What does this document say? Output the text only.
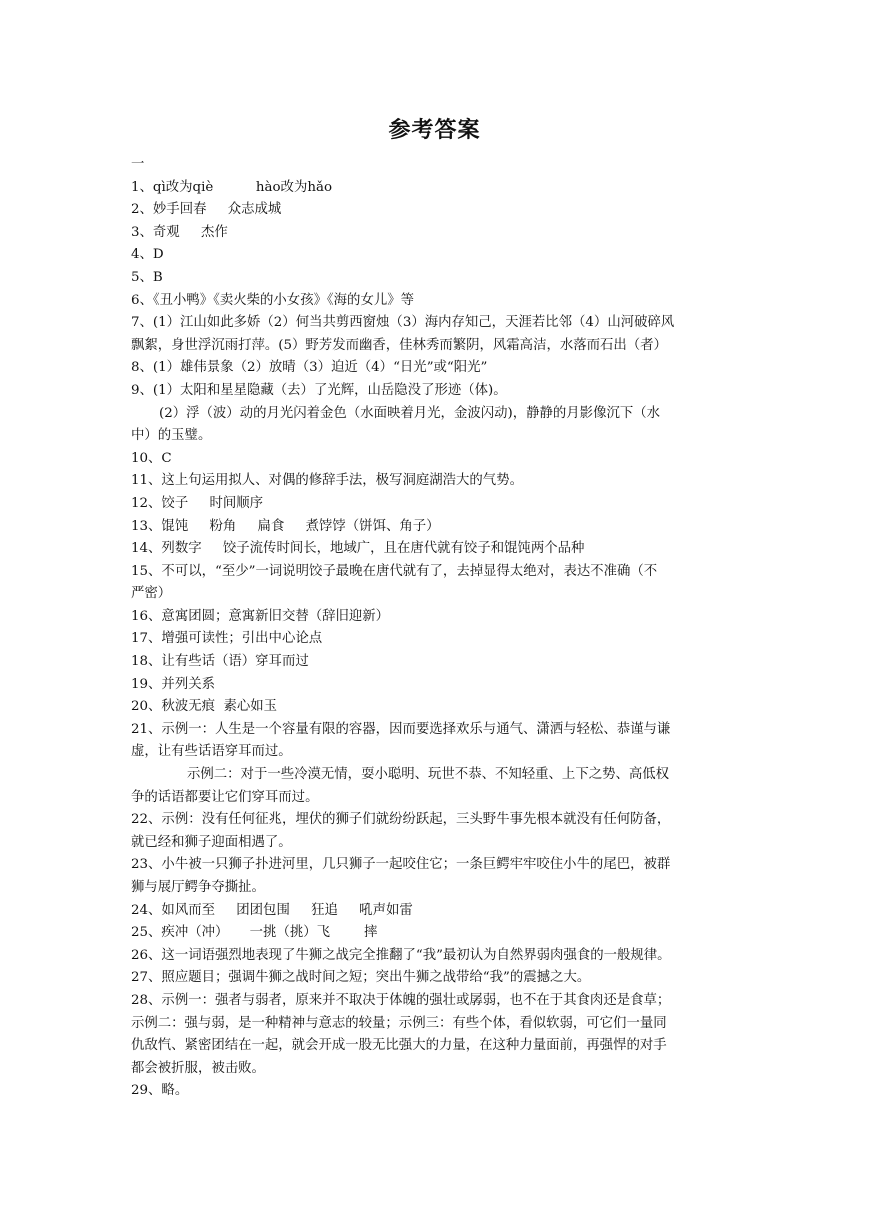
参考答案
一
1、qì改为qiè          hào改为hǎo
2、妙手回春     众志成城
3、奇观     杰作
4、D
5、B
6、《丑小鸭》《卖火柴的小女孩》《海的女儿》等
7、(1）江山如此多娇（2）何当共剪西窗烛（3）海内存知己，天涯若比邻（4）山河破碎风
飘絮，身世浮沉雨打萍。(5）野芳发而幽香，佳林秀而繁阴，风霜高洁，水落而石出（者）
8、(1）雄伟景象（2）放晴（3）迫近（4）“日光”或“阳光”
9、(1）太阳和星星隐藏（去）了光辉，山岳隐没了形迹（体)。
(2）浮（波）动的月光闪着金色（水面映着月光，金波闪动)，静静的月影像沉下（水
中）的玉璧。
10、C
11、这上句运用拟人、对偶的修辞手法，极写洞庭湖浩大的气势。
12、饺子     时间顺序
13、馄饨     粉角     扁食     煮饽饽（饼饵、角子）
14、列数字     饺子流传时间长，地域广，且在唐代就有饺子和馄饨两个品种
15、不可以，“至少”一词说明饺子最晚在唐代就有了，去掉显得太绝对，表达不准确（不
严密）
16、意寓团圆；意寓新旧交替（辞旧迎新）
17、增强可读性；引出中心论点
18、让有些话（语）穿耳而过
19、并列关系
20、秋波无痕  素心如玉
21、示例一：人生是一个容量有限的容器，因而要选择欢乐与通气、潇洒与轻松、恭谨与谦
虚，让有些话语穿耳而过。
示例二：对于一些冷漠无情，耍小聪明、玩世不恭、不知轻重、上下之势、高低权
争的话语都要让它们穿耳而过。
22、示例：没有任何征兆，埋伏的狮子们就纷纷跃起，三头野牛事先根本就没有任何防备，
就已经和狮子迎面相遇了。
23、小牛被一只狮子扑进河里，几只狮子一起咬住它；一条巨鳄牢牢咬住小牛的尾巴，被群
狮与展厅鳄争夺撕扯。
24、如风而至     团团包围     狂追     吼声如雷
25、疾冲（冲）     一挑（挑）飞        摔
26、这一词语强烈地表现了牛狮之战完全推翻了“我”最初认为自然界弱肉强食的一般规律。
27、照应题目；强调牛狮之战时间之短；突出牛狮之战带给“我”的震撼之大。
28、示例一：强者与弱者，原来并不取决于体魄的强壮或孱弱，也不在于其食肉还是食草；
示例二：强与弱，是一种精神与意志的较量；示例三：有些个体，看似软弱，可它们一量同
仇敌忾、紧密团结在一起，就会开成一股无比强大的力量，在这种力量面前，再强悍的对手
都会被折服，被击败。
29、略。
